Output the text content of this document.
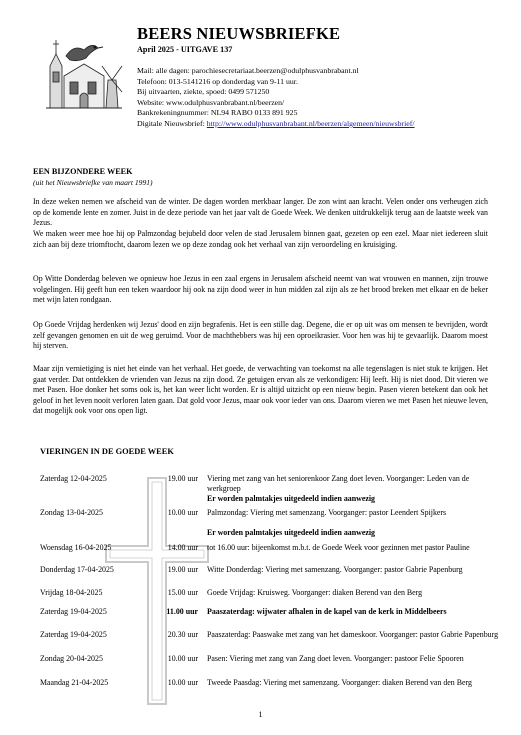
BEERS NIEUWSBRIEFKE
April 2025 - UITGAVE 137
Mail: alle dagen: parochiesecretariaat.beerzen@odulphusvanbrabant.nl
Telefoon: 013-5141216 op donderdag van 9-11 uur.
Bij uitvaarten, ziekte, spoed: 0499 571250
Website: www.odulphusvanbrabant.nl/beerzen/
Bankrekeningnummer: NL94 RABO 0133 891 925
Digitale Nieuwsbrief: http://www.odulphusvanbrabant.nl/beerzen/algemeen/nieuwsbrief/
EEN BIJZONDERE WEEK
(uit het Nieuwsbriefke van maart 1991)

In deze weken nemen we afscheid van de winter. De dagen worden merkbaar langer. De zon wint aan kracht. Velen onder ons verheugen zich op de komende lente en zomer. Juist in de deze periode van het jaar valt de Goede Week. We denken uitdrukkelijk terug aan de laatste week van Jezus.

We maken weer mee hoe hij op Palmzondag bejubeld door velen de stad Jerusalem binnen gaat, gezeten op een ezel. Maar niet iedereen sluit zich aan bij deze triomftocht, daarom lezen we op deze zondag ook het verhaal van zijn veroordeling en kruisiging.

Op Witte Donderdag beleven we opnieuw hoe Jezus in een zaal ergens in Jerusalem afscheid neemt van wat vrouwen en mannen, zijn trouwe volgelingen. Hij geeft hun een teken waardoor hij ook na zijn dood weer in hun midden zal zijn als ze het brood breken met elkaar en de beker met wijn laten rondgaan.

Op Goede Vrijdag herdenken wij Jezus' dood en zijn begrafenis. Het is een stille dag. Degene, die er op uit was om mensen te bevrijden, wordt zelf gevangen genomen en uit de weg geruimd. Voor de machthebbers was hij een oproeikrasier. Voor hen was hij te gevaarlijk. Daarom moest hij sterven.

Maar zijn vernietiging is niet het einde van het verhaal. Het goede, de verwachting van toekomst na alle tegenslagen is niet stuk te krijgen. Het gaat verder. Dat ontdekken de vrienden van Jezus na zijn dood. Ze getuigen ervan als ze verkondigen: Hij leeft. Hij is niet dood. Dit vieren we met Pasen. Hoe donker het soms ook is, het kan weer licht worden. Er is altijd uitzicht op een nieuw begin. Pasen vieren betekent dan ook het geloof in het leven nooit verloren laten gaan. Dat gold voor Jezus, maar ook voor ieder van ons. Daarom vieren we met Pasen het nieuwe leven, dat mogelijk ook voor ons open ligt.

VIERINGEN IN DE GOEDE WEEK
Zaterdag 12-04-2025	19.00 uur Viering met zang van het seniorenkoor Zang doet leven. Voorganger: Leden van de werkgroep
Er worden palmtakjes uitgedeeld indien aanwezig
Zondag 13-04-2025	10.00 uur Palmzondag: Viering met samenzang. Voorganger: pastor Leendert Spijkers
Er worden palmtakjes uitgedeeld indien aanwezig
Woensdag 16-04-2025	14.00 uur tot 16.00 uur: bijeenkomst m.b.t. de Goede Week voor gezinnen met pastor Pauline
Donderdag 17-04-2025	19.00 uur Witte Donderdag: Viering met samenzang. Voorganger: pastor Gabrie Papenburg
Vrijdag 18-04-2025	15.00 uur Goede Vrijdag: Kruisweg. Voorganger: diaken Berend van den Berg
Zaterdag 19-04-2025	11.00 uur Paaszaterdag: wijwater afhalen in de kapel van de kerk in Middelbeers
Zaterdag 19-04-2025	20.30 uur Paaszaterdag: Paaswake met zang van het dameskoor. Voorganger: pastor Gabrie Papenburg
Zondag 20-04-2025	10.00 uur Pasen: Viering met zang van Zang doet leven. Voorganger: pastoor Felie Spooren
Maandag 21-04-2025	10.00 uur Tweede Paasdag: Viering met samenzang. Voorganger: diaken Berend van den Berg
1
